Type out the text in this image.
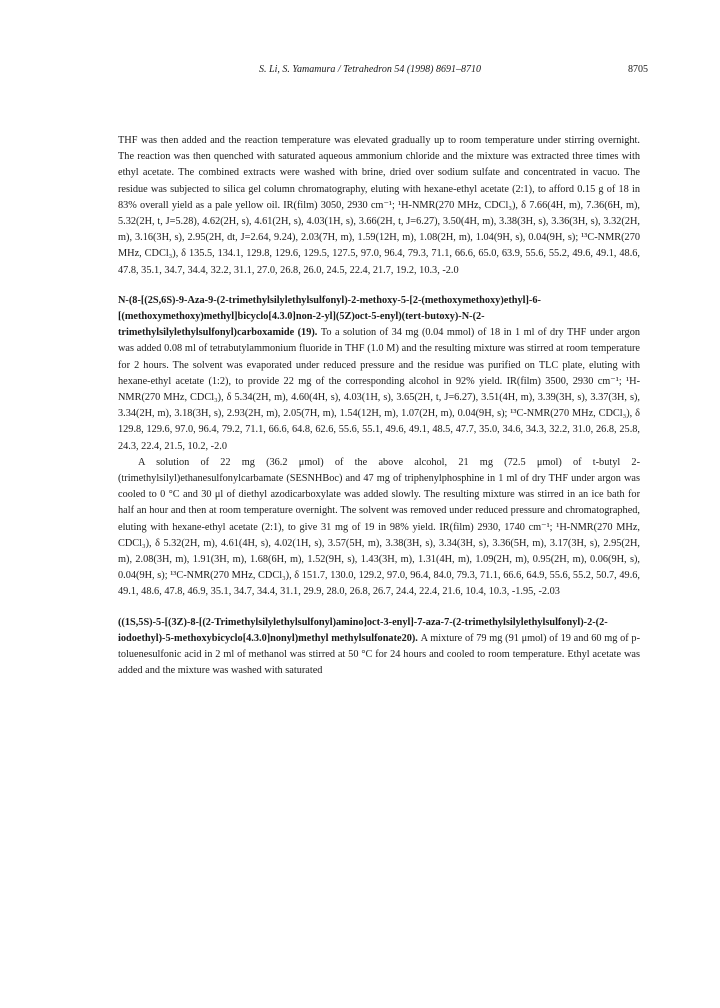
S. Li, S. Yamamura / Tetrahedron 54 (1998) 8691–8710	8705

THF was then added and the reaction temperature was elevated gradually up to room temperature under stirring overnight. The reaction was then quenched with saturated aqueous ammonium chloride and the mixture was extracted three times with ethyl acetate. The combined extracts were washed with brine, dried over sodium sulfate and concentrated in vacuo. The residue was subjected to silica gel column chromatography, eluting with hexane-ethyl acetate (2:1), to afford 0.15 g of 18 in 83% overall yield as a pale yellow oil. IR(film) 3050, 2930 cm⁻¹; ¹H-NMR(270 MHz, CDCl₃), δ 7.66(4H, m), 7.36(6H, m), 5.32(2H, t, J=5.28), 4.62(2H, s), 4.61(2H, s), 4.03(1H, s), 3.66(2H, t, J=6.27), 3.50(4H, m), 3.38(3H, s), 3.36(3H, s), 3.32(2H, m), 3.16(3H, s), 2.95(2H, dt, J=2.64, 9.24), 2.03(7H, m), 1.59(12H, m), 1.08(2H, m), 1.04(9H, s), 0.04(9H, s); ¹³C-NMR(270 MHz, CDCl₃), δ 135.5, 134.1, 129.8, 129.6, 129.5, 127.5, 97.0, 96.4, 79.3, 71.1, 66.6, 65.0, 63.9, 55.6, 55.2, 49.6, 49.1, 48.6, 47.8, 35.1, 34.7, 34.4, 32.2, 31.1, 27.0, 26.8, 26.0, 24.5, 22.4, 21.7, 19.2, 10.3, -2.0

N-(8-[(2S,6S)-9-Aza-9-(2-trimethylsilylethylsulfonyl)-2-methoxy-5-[2-(methoxymethoxy)ethyl]-6-[(methoxymethoxy)methyl]bicyclo[4.3.0]non-2-yl](5Z)oct-5-enyl)(tert-butoxy)-N-(2-trimethylsilylethylsulfonyl)carboxamide (19). To a solution of 34 mg (0.04 mmol) of 18 in 1 ml of dry THF under argon was added 0.08 ml of tetrabutylammonium fluoride in THF (1.0 M) and the resulting mixture was stirred at room temperature for 2 hours. The solvent was evaporated under reduced pressure and the residue was purified on TLC plate, eluting with hexane-ethyl acetate (1:2), to provide 22 mg of the corresponding alcohol in 92% yield. IR(film) 3500, 2930 cm⁻¹; ¹H-NMR(270 MHz, CDCl₃), δ 5.34(2H, m), 4.60(4H, s), 4.03(1H, s), 3.65(2H, t, J=6.27), 3.51(4H, m), 3.39(3H, s), 3.37(3H, s), 3.34(2H, m), 3.18(3H, s), 2.93(2H, m), 2.05(7H, m), 1.54(12H, m), 1.07(2H, m), 0.04(9H, s); ¹³C-NMR(270 MHz, CDCl₃), δ 129.8, 129.6, 97.0, 96.4, 79.2, 71.1, 66.6, 64.8, 62.6, 55.6, 55.1, 49.6, 49.1, 48.5, 47.7, 35.0, 34.6, 34.3, 32.2, 31.0, 26.8, 25.8, 24.3, 22.4, 21.5, 10.2, -2.0

A solution of 22 mg (36.2 μmol) of the above alcohol, 21 mg (72.5 μmol) of t-butyl 2-(trimethylsilyl)ethanesulfonylcarbamate (SESNHBoc) and 47 mg of triphenylphosphine in 1 ml of dry THF under argon was cooled to 0 °C and 30 μl of diethyl azodicarboxylate was added slowly. The resulting mixture was stirred in an ice bath for half an hour and then at room temperature overnight. The solvent was removed under reduced pressure and chromatographed, eluting with hexane-ethyl acetate (2:1), to give 31 mg of 19 in 98% yield. IR(film) 2930, 1740 cm⁻¹; ¹H-NMR(270 MHz, CDCl₃), δ 5.32(2H, m), 4.61(4H, s), 4.02(1H, s), 3.57(5H, m), 3.38(3H, s), 3.34(3H, s), 3.36(5H, m), 3.17(3H, s), 2.95(2H, m), 2.08(3H, m), 1.91(3H, m), 1.68(6H, m), 1.52(9H, s), 1.43(3H, m), 1.31(4H, m), 1.09(2H, m), 0.95(2H, m), 0.06(9H, s), 0.04(9H, s); ¹³C-NMR(270 MHz, CDCl₃), δ 151.7, 130.0, 129.2, 97.0, 96.4, 84.0, 79.3, 71.1, 66.6, 64.9, 55.6, 55.2, 50.7, 49.6, 49.1, 48.6, 47.8, 46.9, 35.1, 34.7, 34.4, 31.1, 29.9, 28.0, 26.8, 26.7, 24.4, 22.4, 21.6, 10.4, 10.3, -1.95, -2.03

((1S,5S)-5-[(3Z)-8-[(2-Trimethylsilylethylsulfonyl)amino]oct-3-enyl]-7-aza-7-(2-trimethylsilylethylsulfonyl)-2-(2-iodoethyl)-5-methoxybicyclo[4.3.0]nonyl)methyl methylsulfonate20). A mixture of 79 mg (91 μmol) of 19 and 60 mg of p-toluenesulfonic acid in 2 ml of methanol was stirred at 50 °C for 24 hours and cooled to room temperature. Ethyl acetate was added and the mixture was washed with saturated
